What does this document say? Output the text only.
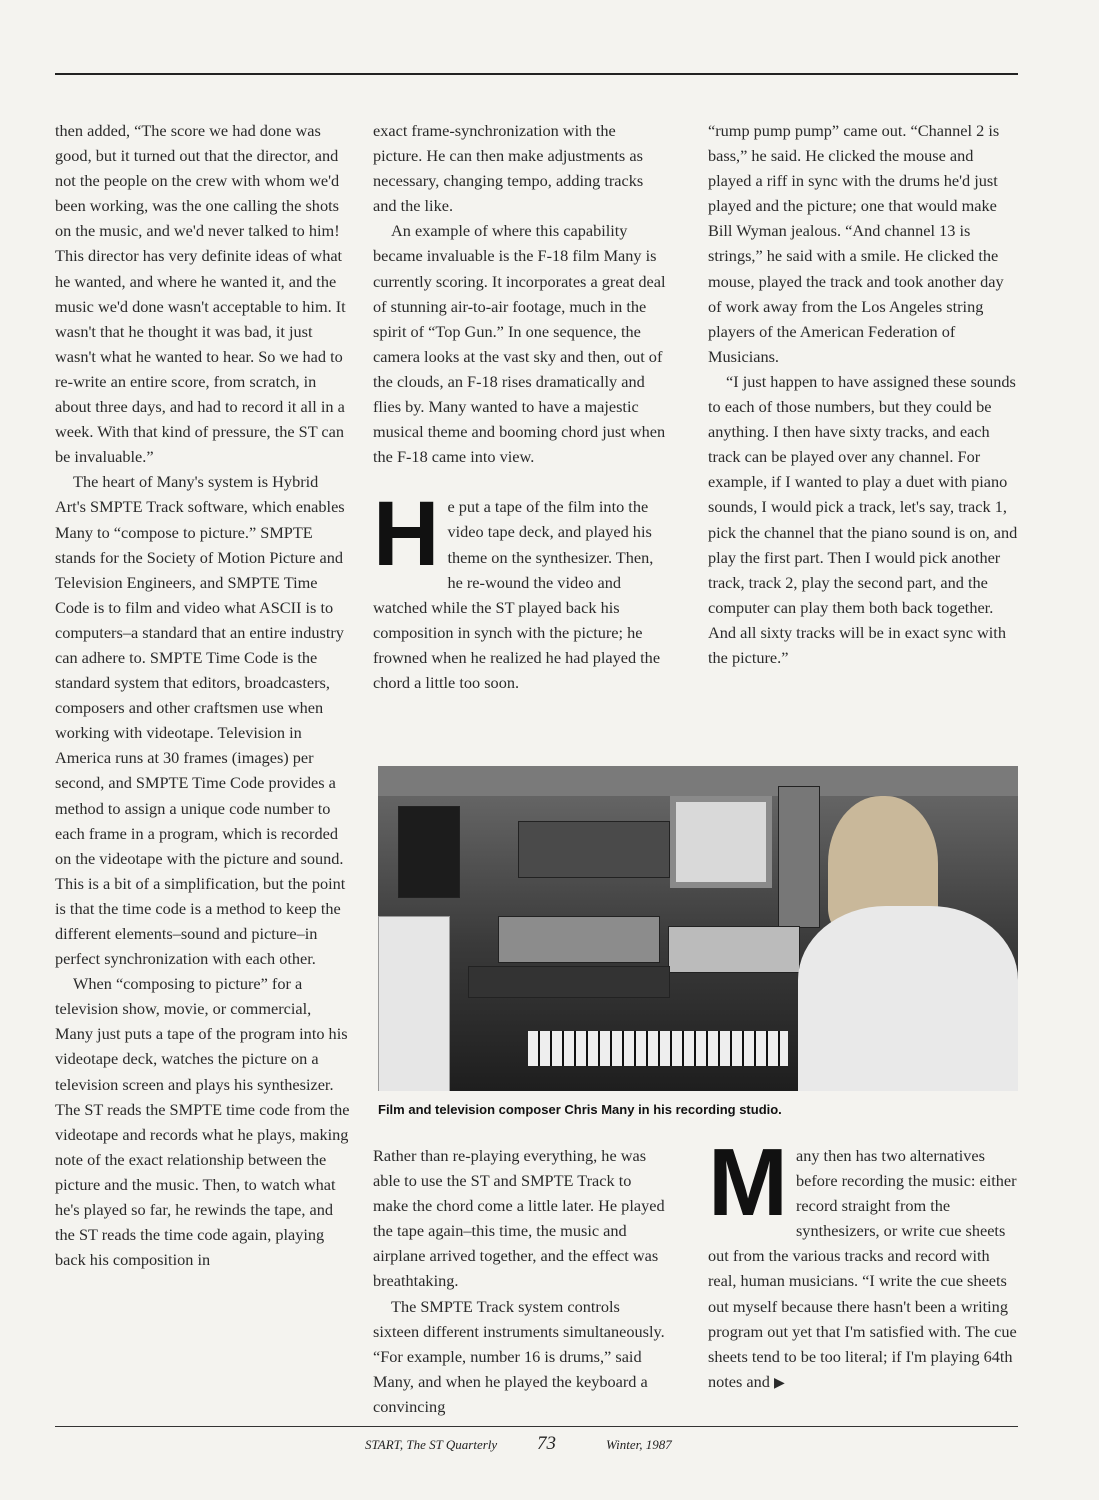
then added, “The score we had done was good, but it turned out that the director, and not the people on the crew with whom we'd been working, was the one calling the shots on the music, and we'd never talked to him! This director has very definite ideas of what he wanted, and where he wanted it, and the music we'd done wasn't acceptable to him. It wasn't that he thought it was bad, it just wasn't what he wanted to hear. So we had to re-write an entire score, from scratch, in about three days, and had to record it all in a week. With that kind of pressure, the ST can be invaluable.”

The heart of Many's system is Hybrid Art's SMPTE Track software, which enables Many to “compose to picture.” SMPTE stands for the Society of Motion Picture and Television Engineers, and SMPTE Time Code is to film and video what ASCII is to computers–a standard that an entire industry can adhere to. SMPTE Time Code is the standard system that editors, broadcasters, composers and other craftsmen use when working with videotape. Television in America runs at 30 frames (images) per second, and SMPTE Time Code provides a method to assign a unique code number to each frame in a program, which is recorded on the videotape with the picture and sound. This is a bit of a simplification, but the point is that the time code is a method to keep the different elements–sound and picture–in perfect synchronization with each other.

When “composing to picture” for a television show, movie, or commercial, Many just puts a tape of the program into his videotape deck, watches the picture on a television screen and plays his synthesizer. The ST reads the SMPTE time code from the videotape and records what he plays, making note of the exact relationship between the picture and the music. Then, to watch what he's played so far, he rewinds the tape, and the ST reads the time code again, playing back his composition in

exact frame-synchronization with the picture. He can then make adjustments as necessary, changing tempo, adding tracks and the like.

An example of where this capability became invaluable is the F-18 film Many is currently scoring. It incorporates a great deal of stunning air-to-air footage, much in the spirit of “Top Gun.” In one sequence, the camera looks at the vast sky and then, out of the clouds, an F-18 rises dramatically and flies by. Many wanted to have a majestic musical theme and booming chord just when the F-18 came into view.

H e put a tape of the film into the video tape deck, and played his theme on the synthesizer. Then, he re-wound the video and watched while the ST played back his composition in synch with the picture; he frowned when he realized he had played the chord a little too soon.

“rump pump pump” came out. “Channel 2 is bass,” he said. He clicked the mouse and played a riff in sync with the drums he'd just played and the picture; one that would make Bill Wyman jealous. “And channel 13 is strings,” he said with a smile. He clicked the mouse, played the track and took another day of work away from the Los Angeles string players of the American Federation of Musicians.

“I just happen to have assigned these sounds to each of those numbers, but they could be anything. I then have sixty tracks, and each track can be played over any channel. For example, if I wanted to play a duet with piano sounds, I would pick a track, let's say, track 1, pick the channel that the piano sound is on, and play the first part. Then I would pick another track, track 2, play the second part, and the computer can play them both back together. And all sixty tracks will be in exact sync with the picture.”

Film and television composer Chris Many in his recording studio.

Rather than re-playing everything, he was able to use the ST and SMPTE Track to make the chord come a little later. He played the tape again–this time, the music and airplane arrived together, and the effect was breathtaking.

The SMPTE Track system controls sixteen different instruments simultaneously. “For example, number 16 is drums,” said Many, and when he played the keyboard a convincing

M any then has two alternatives before recording the music: either record straight from the synthesizers, or write cue sheets out from the various tracks and record with real, human musicians. “I write the cue sheets out myself because there hasn't been a writing program out yet that I'm satisfied with. The cue sheets tend to be too literal; if I'm playing 64th notes and ▶
START, The ST Quarterly 73	Winter, 1987
